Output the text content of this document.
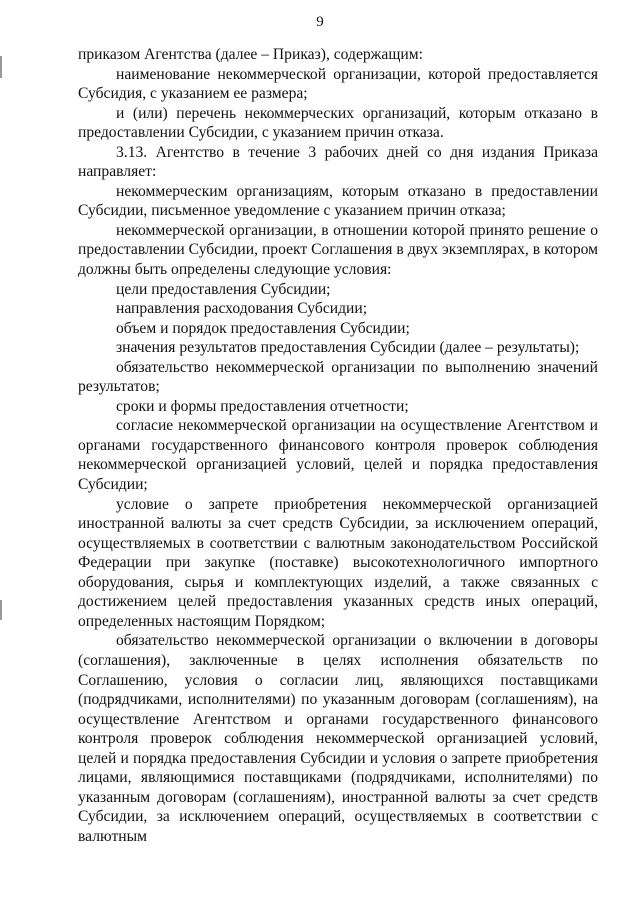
9

приказом Агентства (далее – Приказ), содержащим:

наименование некоммерческой организации, которой предоставляется Субсидия, с указанием ее размера;

и (или) перечень некоммерческих организаций, которым отказано в предоставлении Субсидии, с указанием причин отказа.

3.13. Агентство в течение 3 рабочих дней со дня издания Приказа направляет:

некоммерческим организациям, которым отказано в предоставлении Субсидии, письменное уведомление с указанием причин отказа;

некоммерческой организации, в отношении которой принято решение о предоставлении Субсидии, проект Соглашения в двух экземплярах, в котором должны быть определены следующие условия:

цели предоставления Субсидии;

направления расходования Субсидии;

объем и порядок предоставления Субсидии;

значения результатов предоставления Субсидии (далее – результаты);

обязательство некоммерческой организации по выполнению значений результатов;

сроки и формы предоставления отчетности;

согласие некоммерческой организации на осуществление Агентством и органами государственного финансового контроля проверок соблюдения некоммерческой организацией условий, целей и порядка предоставления Субсидии;

условие о запрете приобретения некоммерческой организацией иностранной валюты за счет средств Субсидии, за исключением операций, осуществляемых в соответствии с валютным законодательством Российской Федерации при закупке (поставке) высокотехнологичного импортного оборудования, сырья и комплектующих изделий, а также связанных с достижением целей предоставления указанных средств иных операций, определенных настоящим Порядком;

обязательство некоммерческой организации о включении в договоры (соглашения), заключенные в целях исполнения обязательств по Соглашению, условия о согласии лиц, являющихся поставщиками (подрядчиками, исполнителями) по указанным договорам (соглашениям), на осуществление Агентством и органами государственного финансового контроля проверок соблюдения некоммерческой организацией условий, целей и порядка предоставления Субсидии и условия о запрете приобретения лицами, являющимися поставщиками (подрядчиками, исполнителями) по указанным договорам (соглашениям), иностранной валюты за счет средств Субсидии, за исключением операций, осуществляемых в соответствии с валютным
